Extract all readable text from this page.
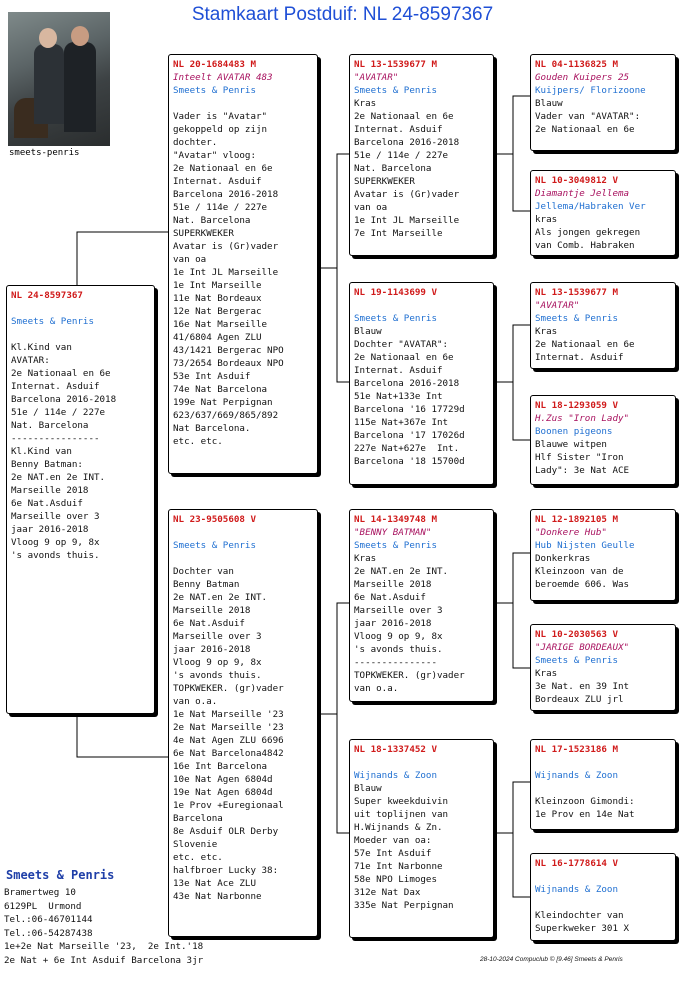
Stamkaart Postduif: NL 24-8597367
smeets-penris
NL 24-8597367
Smeets & Penris
Kl.Kind van
AVATAR:
2e Nationaal en 6e
Internat. Asduif
Barcelona 2016-2018
51e / 114e / 227e
Nat. Barcelona
----------------
Kl.Kind van
Benny Batman:
2e NAT.en 2e INT.
Marseille 2018
6e Nat.Asduif
Marseille over 3
jaar 2016-2018
Vloog 9 op 9, 8x
's avonds thuis.
NL 20-1684483 M
Inteelt AVATAR 483
Smeets & Penris
Vader is "Avatar"
gekoppeld op zijn
dochter.
"Avatar" vloog:
2e Nationaal en 6e
Internat. Asduif
Barcelona 2016-2018
51e / 114e / 227e
Nat. Barcelona
SUPERKWEKER
Avatar is (Gr)vader
van oa
1e Int JL Marseille
1e Int Marseille
11e Nat Bordeaux
12e Nat Bergerac
16e Nat Marseille
41/6804 Agen ZLU
43/1421 Bergerac NPO
73/2654 Bordeaux NPO
53e Int Asduif
74e Nat Barcelona
199e Nat Perpignan
623/637/669/865/892
Nat Barcelona.
etc. etc.
NL 23-9505608 V
Smeets & Penris
Dochter van
Benny Batman
2e NAT.en 2e INT.
Marseille 2018
6e Nat.Asduif
Marseille over 3
jaar 2016-2018
Vloog 9 op 9, 8x
's avonds thuis.
TOPKWEKER. (gr)vader
van o.a.
1e Nat Marseille '23
2e Nat Marseille '23
4e Nat Agen ZLU 6696
6e Nat Barcelona4842
16e Int Barcelona
10e Nat Agen 6804d
19e Nat Agen 6804d
1e Prov +Euregionaal
Barcelona
8e Asduif OLR Derby
Slovenie
etc. etc.
halfbroer Lucky 38:
13e Nat Ace ZLU
43e Nat Narbonne
NL 13-1539677 M
"AVATAR"
Smeets & Penris
Kras
2e Nationaal en 6e
Internat. Asduif
Barcelona 2016-2018
51e / 114e / 227e
Nat. Barcelona
SUPERKWEKER
Avatar is (Gr)vader
van oa
1e Int JL Marseille
7e Int Marseille
NL 19-1143699 V
Smeets & Penris
Blauw
Dochter "AVATAR":
2e Nationaal en 6e
Internat. Asduif
Barcelona 2016-2018
51e Nat+133e Int
Barcelona '16 17729d
115e Nat+367e Int
Barcelona '17 17026d
227e Nat+627e  Int.
Barcelona '18 15700d
NL 14-1349748 M
"BENNY BATMAN"
Smeets & Penris
Kras
2e NAT.en 2e INT.
Marseille 2018
6e Nat.Asduif
Marseille over 3
jaar 2016-2018
Vloog 9 op 9, 8x
's avonds thuis.
---------------
TOPKWEKER. (gr)vader
van o.a.
NL 18-1337452 V
Wijnands & Zoon
Blauw
Super kweekduivin
uit toplijnen van
H.Wijnands & Zn.
Moeder van oa:
57e Int Asduif
71e Int Narbonne
58e NPO Limoges
312e Nat Dax
335e Nat Perpignan
NL 04-1136825 M
Gouden Kuipers 25
Kuijpers/ Florizoone
Blauw
Vader van "AVATAR":
2e Nationaal en 6e
NL 10-3049812 V
Diamantje Jellema
Jellema/Habraken Ver
kras
Als jongen gekregen
van Comb. Habraken
NL 13-1539677 M
"AVATAR"
Smeets & Penris
Kras
2e Nationaal en 6e
Internat. Asduif
NL 18-1293059 V
H.Zus "Iron Lady"
Boonen pigeons
Blauwe witpen
Hlf Sister "Iron
Lady": 3e Nat ACE
NL 12-1892105 M
"Donkere Hub"
Hub Nijsten Geulle
Donkerkras
Kleinzoon van de
beroemde 606. Was
NL 10-2030563 V
"JARIGE BORDEAUX"
Smeets & Penris
Kras
3e Nat. en 39 Int
Bordeaux ZLU jrl
NL 17-1523186 M
Wijnands & Zoon
Kleinzoon Gimondi:
1e Prov en 14e Nat
NL 16-1778614 V
Wijnands & Zoon
Kleindochter van
Superkweker 301 X
Smeets & Penris
Bramertweg 10
6129PL  Urmond
Tel.:06-46701144
Tel.:06-54287438
1e+2e Nat Marseille '23,  2e Int.'18
2e Nat + 6e Int Asduif Barcelona 3jr	28-10-2024 Compuclub © [9.46] Smeets & Penris
